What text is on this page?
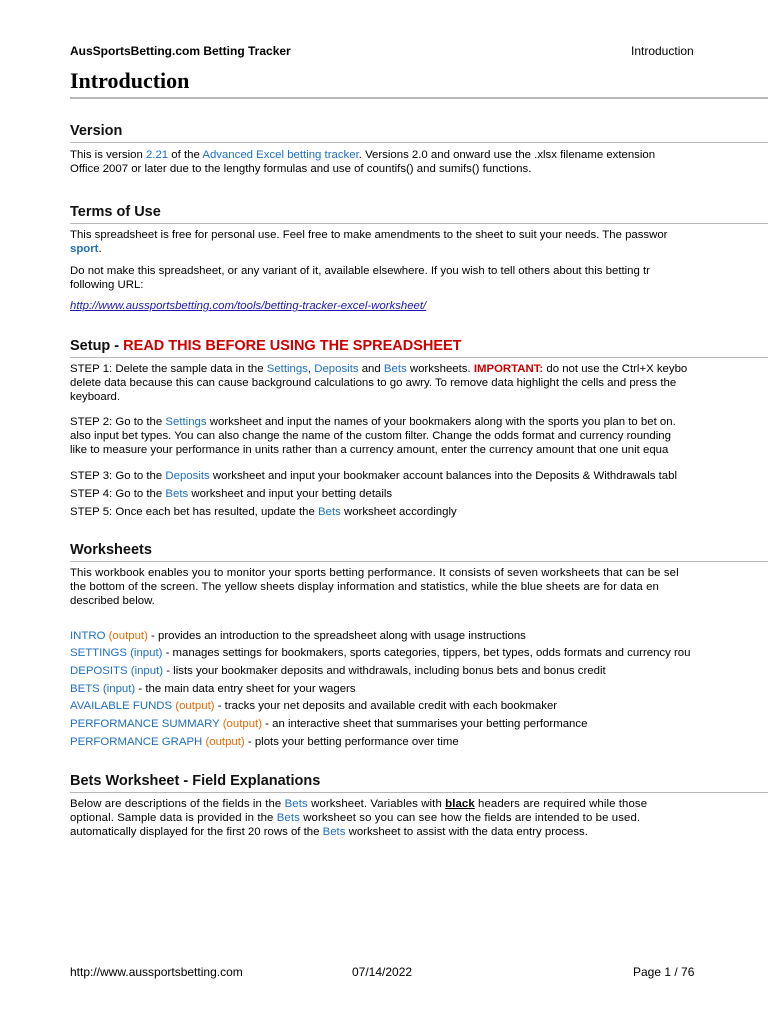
AusSportsBetting.com Betting Tracker	Introduction
Introduction
Version
This is version 2.21 of the Advanced Excel betting tracker. Versions 2.0 and onward use the .xlsx filename extension
Office 2007 or later due to the lengthy formulas and use of countifs() and sumifs() functions.
Terms of Use
This spreadsheet is free for personal use. Feel free to make amendments to the sheet to suit your needs. The passwor
sport.
Do not make this spreadsheet, or any variant of it, available elsewhere. If you wish to tell others about this betting tr
following URL:
http://www.aussportsbetting.com/tools/betting-tracker-excel-worksheet/
Setup - READ THIS BEFORE USING THE SPREADSHEET
STEP 1: Delete the sample data in the Settings, Deposits and Bets worksheets. IMPORTANT: do not use the Ctrl+X keybo
delete data because this can cause background calculations to go awry. To remove data highlight the cells and press the
keyboard.
STEP 2: Go to the Settings worksheet and input the names of your bookmakers along with the sports you plan to bet on.
also input bet types. You can also change the name of the custom filter. Change the odds format and currency rounding
like to measure your performance in units rather than a currency amount, enter the currency amount that one unit equa
STEP 3: Go to the Deposits worksheet and input your bookmaker account balances into the Deposits & Withdrawals tabl
STEP 4: Go to the Bets worksheet and input your betting details
STEP 5: Once each bet has resulted, update the Bets worksheet accordingly
Worksheets
This workbook enables you to monitor your sports betting performance. It consists of seven worksheets that can be sel
the bottom of the screen. The yellow sheets display information and statistics, while the blue sheets are for data en
described below.
INTRO (output) - provides an introduction to the spreadsheet along with usage instructions
SETTINGS (input) - manages settings for bookmakers, sports categories, tippers, bet types, odds formats and currency rou
DEPOSITS (input) - lists your bookmaker deposits and withdrawals, including bonus bets and bonus credit
BETS (input) - the main data entry sheet for your wagers
AVAILABLE FUNDS (output) - tracks your net deposits and available credit with each bookmaker
PERFORMANCE SUMMARY (output) - an interactive sheet that summarises your betting performance
PERFORMANCE GRAPH (output) - plots your betting performance over time
Bets Worksheet - Field Explanations
Below are descriptions of the fields in the Bets worksheet. Variables with black headers are required while those
optional. Sample data is provided in the Bets worksheet so you can see how the fields are intended to be used.
automatically displayed for the first 20 rows of the Bets worksheet to assist with the data entry process.
http://www.aussportsbetting.com	07/14/2022	Page 1 / 76
